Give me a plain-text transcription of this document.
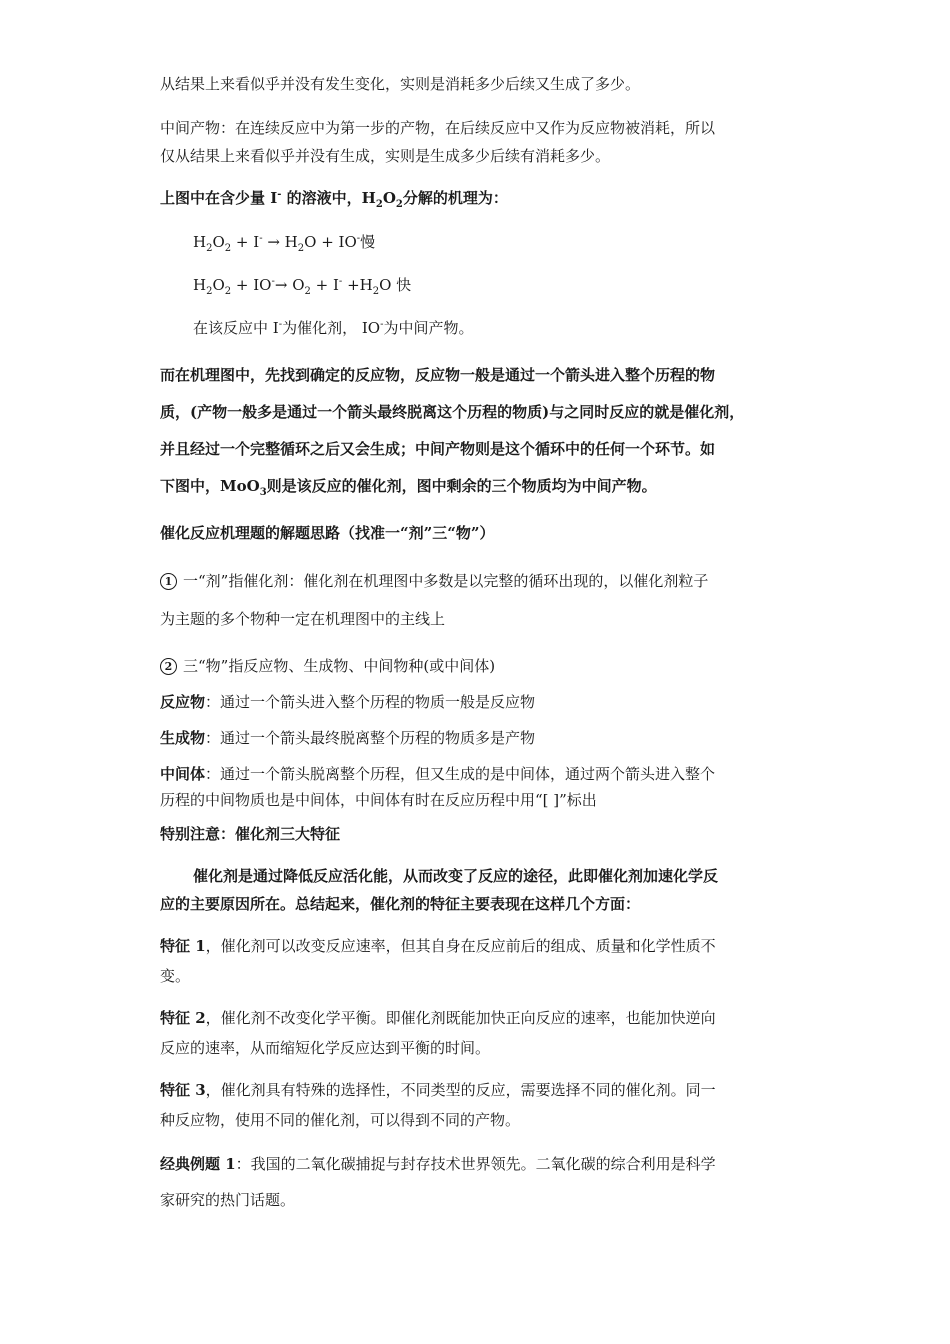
从结果上来看似乎并没有发生变化，实则是消耗多少后续又生成了多少。
中间产物：在连续反应中为第一步的产物，在后续反应中又作为反应物被消耗，所以
仅从结果上来看似乎并没有生成，实则是生成多少后续有消耗多少。
上图中在含少量 I- 的溶液中，$H_2O_2$分解的机理为：
$H_2O_2 + I^- \to H_2O + IO^-$慢
$H_2O_2 + IO^-\to O_2 + I^- +H_2O$ 快
在该反应中 I-为催化剂， IO-为中间产物。
而在机理图中，先找到确定的反应物，反应物一般是通过一个箭头进入整个历程的物
质，(产物一般多是通过一个箭头最终脱离这个历程的物质)与之同时反应的就是催化剂，
并且经过一个完整循环之后又会生成；中间产物则是这个循环中的任何一个环节。如
下图中，MoO$_3$则是该反应的催化剂，图中剩余的三个物质均为中间产物。
催化反应机理题的解题思路（找准一“剂”三“物”）
1 一“剂”指催化剂：催化剂在机理图中多数是以完整的循环出现的，以催化剂粒子
为主题的多个物种一定在机理图中的主线上
2 三“物”指反应物、生成物、中间物种(或中间体)
反应物：通过一个箭头进入整个历程的物质一般是反应物
生成物：通过一个箭头最终脱离整个历程的物质多是产物
中间体：通过一个箭头脱离整个历程，但又生成的是中间体，通过两个箭头进入整个
历程的中间物质也是中间体，中间体有时在反应历程中用“[ ]”标出
特别注意：催化剂三大特征
催化剂是通过降低反应活化能，从而改变了反应的途径，此即催化剂加速化学反
应的主要原因所在。总结起来，催化剂的特征主要表现在这样几个方面：
特征 1，催化剂可以改变反应速率，但其自身在反应前后的组成、质量和化学性质不
变。
特征 2，催化剂不改变化学平衡。即催化剂既能加快正向反应的速率，也能加快逆向
反应的速率，从而缩短化学反应达到平衡的时间。
特征 3，催化剂具有特殊的选择性，不同类型的反应，需要选择不同的催化剂。同一
种反应物，使用不同的催化剂，可以得到不同的产物。
经典例题 1：我国的二氧化碳捕捉与封存技术世界领先。二氧化碳的综合利用是科学
家研究的热门话题。
